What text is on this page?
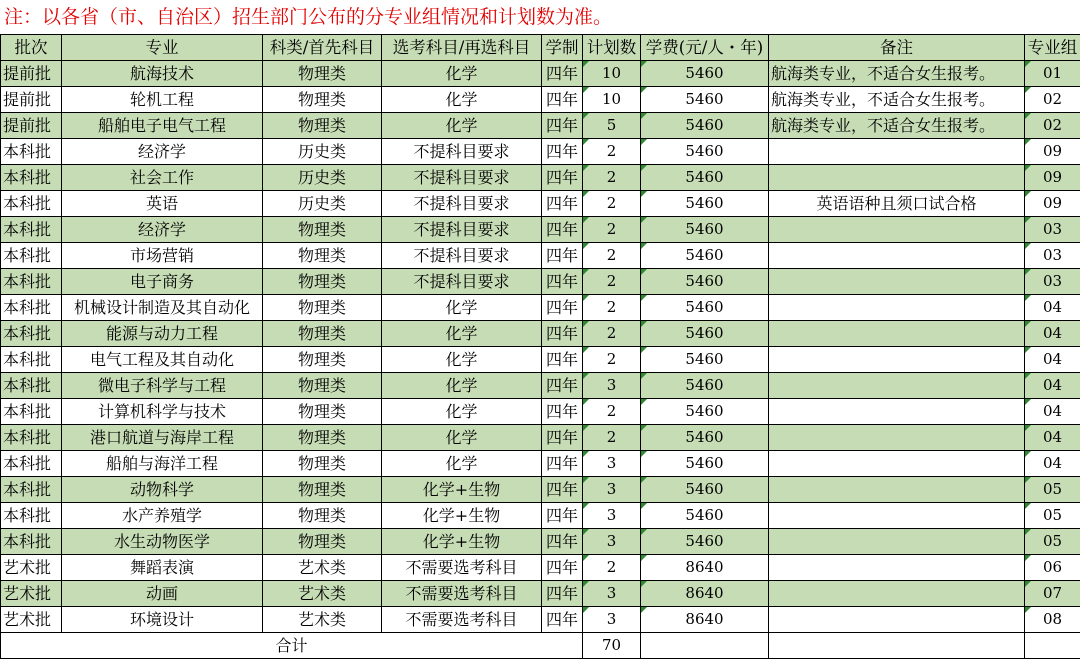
注：以各省（市、自治区）招生部门公布的分专业组情况和计划数为准。
批次	专业	科类/首先科目	选考科目/再选科目	学制	计划数	学费(元/人・年)	备注	专业组
提前批	航海技术	物理类	化学	四年	10	5460	航海类专业，不适合女生报考。	01
提前批	轮机工程	物理类	化学	四年	10	5460	航海类专业，不适合女生报考。	02
提前批	船舶电子电气工程	物理类	化学	四年	5	5460	航海类专业，不适合女生报考。	02
本科批	经济学	历史类	不提科目要求	四年	2	5460		09
本科批	社会工作	历史类	不提科目要求	四年	2	5460		09
本科批	英语	历史类	不提科目要求	四年	2	5460	英语语种且须口试合格	09
本科批	经济学	物理类	不提科目要求	四年	2	5460		03
本科批	市场营销	物理类	不提科目要求	四年	2	5460		03
本科批	电子商务	物理类	不提科目要求	四年	2	5460		03
本科批	机械设计制造及其自动化	物理类	化学	四年	2	5460		04
本科批	能源与动力工程	物理类	化学	四年	2	5460		04
本科批	电气工程及其自动化	物理类	化学	四年	2	5460		04
本科批	微电子科学与工程	物理类	化学	四年	3	5460		04
本科批	计算机科学与技术	物理类	化学	四年	2	5460		04
本科批	港口航道与海岸工程	物理类	化学	四年	2	5460		04
本科批	船舶与海洋工程	物理类	化学	四年	3	5460		04
本科批	动物科学	物理类	化学+生物	四年	3	5460		05
本科批	水产养殖学	物理类	化学+生物	四年	3	5460		05
本科批	水生动物医学	物理类	化学+生物	四年	3	5460		05
艺术批	舞蹈表演	艺术类	不需要选考科目	四年	2	8640		06
艺术批	动画	艺术类	不需要选考科目	四年	3	8640		07
艺术批	环境设计	艺术类	不需要选考科目	四年	3	8640		08
合计					70			
